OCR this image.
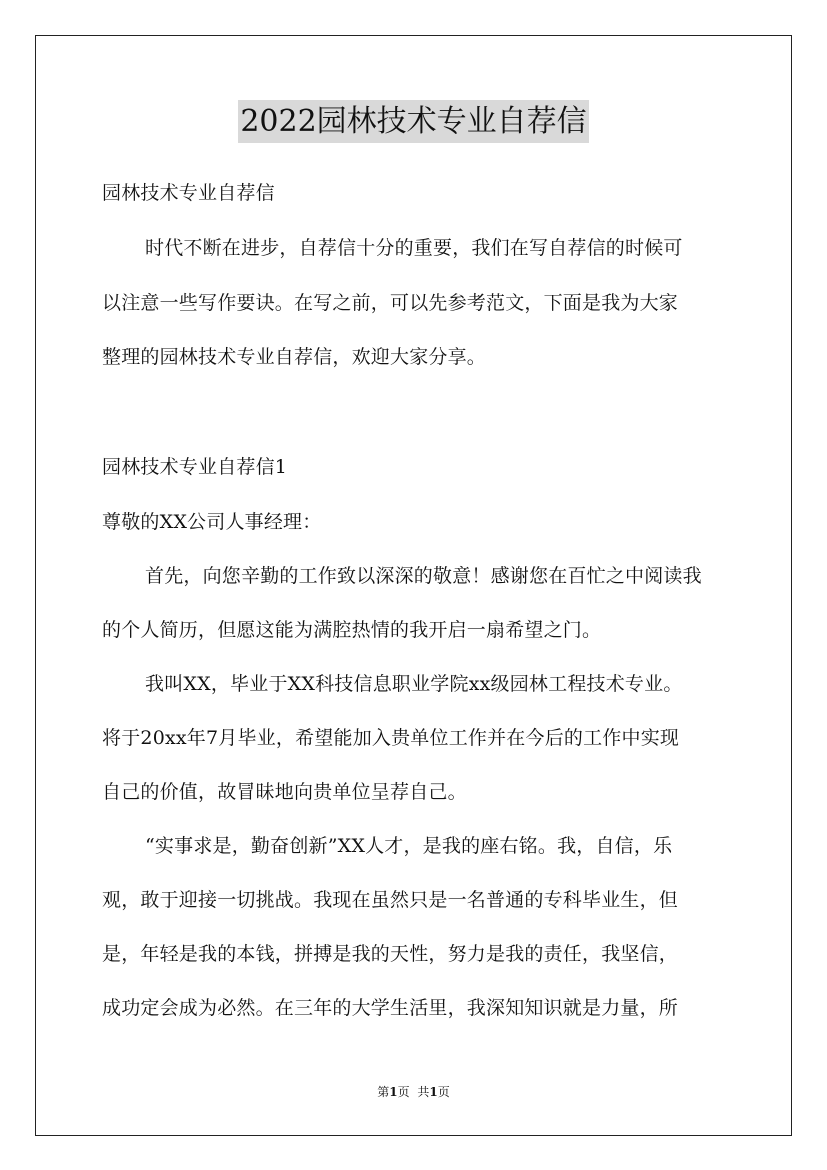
2022园林技术专业自荐信

园林技术专业自荐信

时代不断在进步，自荐信十分的重要，我们在写自荐信的时候可

以注意一些写作要诀。在写之前，可以先参考范文，下面是我为大家

整理的园林技术专业自荐信，欢迎大家分享。

园林技术专业自荐信1

尊敬的XX公司人事经理：

首先，向您辛勤的工作致以深深的敬意！感谢您在百忙之中阅读我

的个人简历，但愿这能为满腔热情的我开启一扇希望之门。

我叫XX，毕业于XX科技信息职业学院xx级园林工程技术专业。

将于20xx年7月毕业，希望能加入贵单位工作并在今后的工作中实现

自己的价值，故冒昧地向贵单位呈荐自己。

“实事求是，勤奋创新”XX人才，是我的座右铭。我，自信，乐

观，敢于迎接一切挑战。我现在虽然只是一名普通的专科毕业生，但

是，年轻是我的本钱，拼搏是我的天性，努力是我的责任，我坚信，

成功定会成为必然。在三年的大学生活里，我深知知识就是力量，所

第1页 共1页
